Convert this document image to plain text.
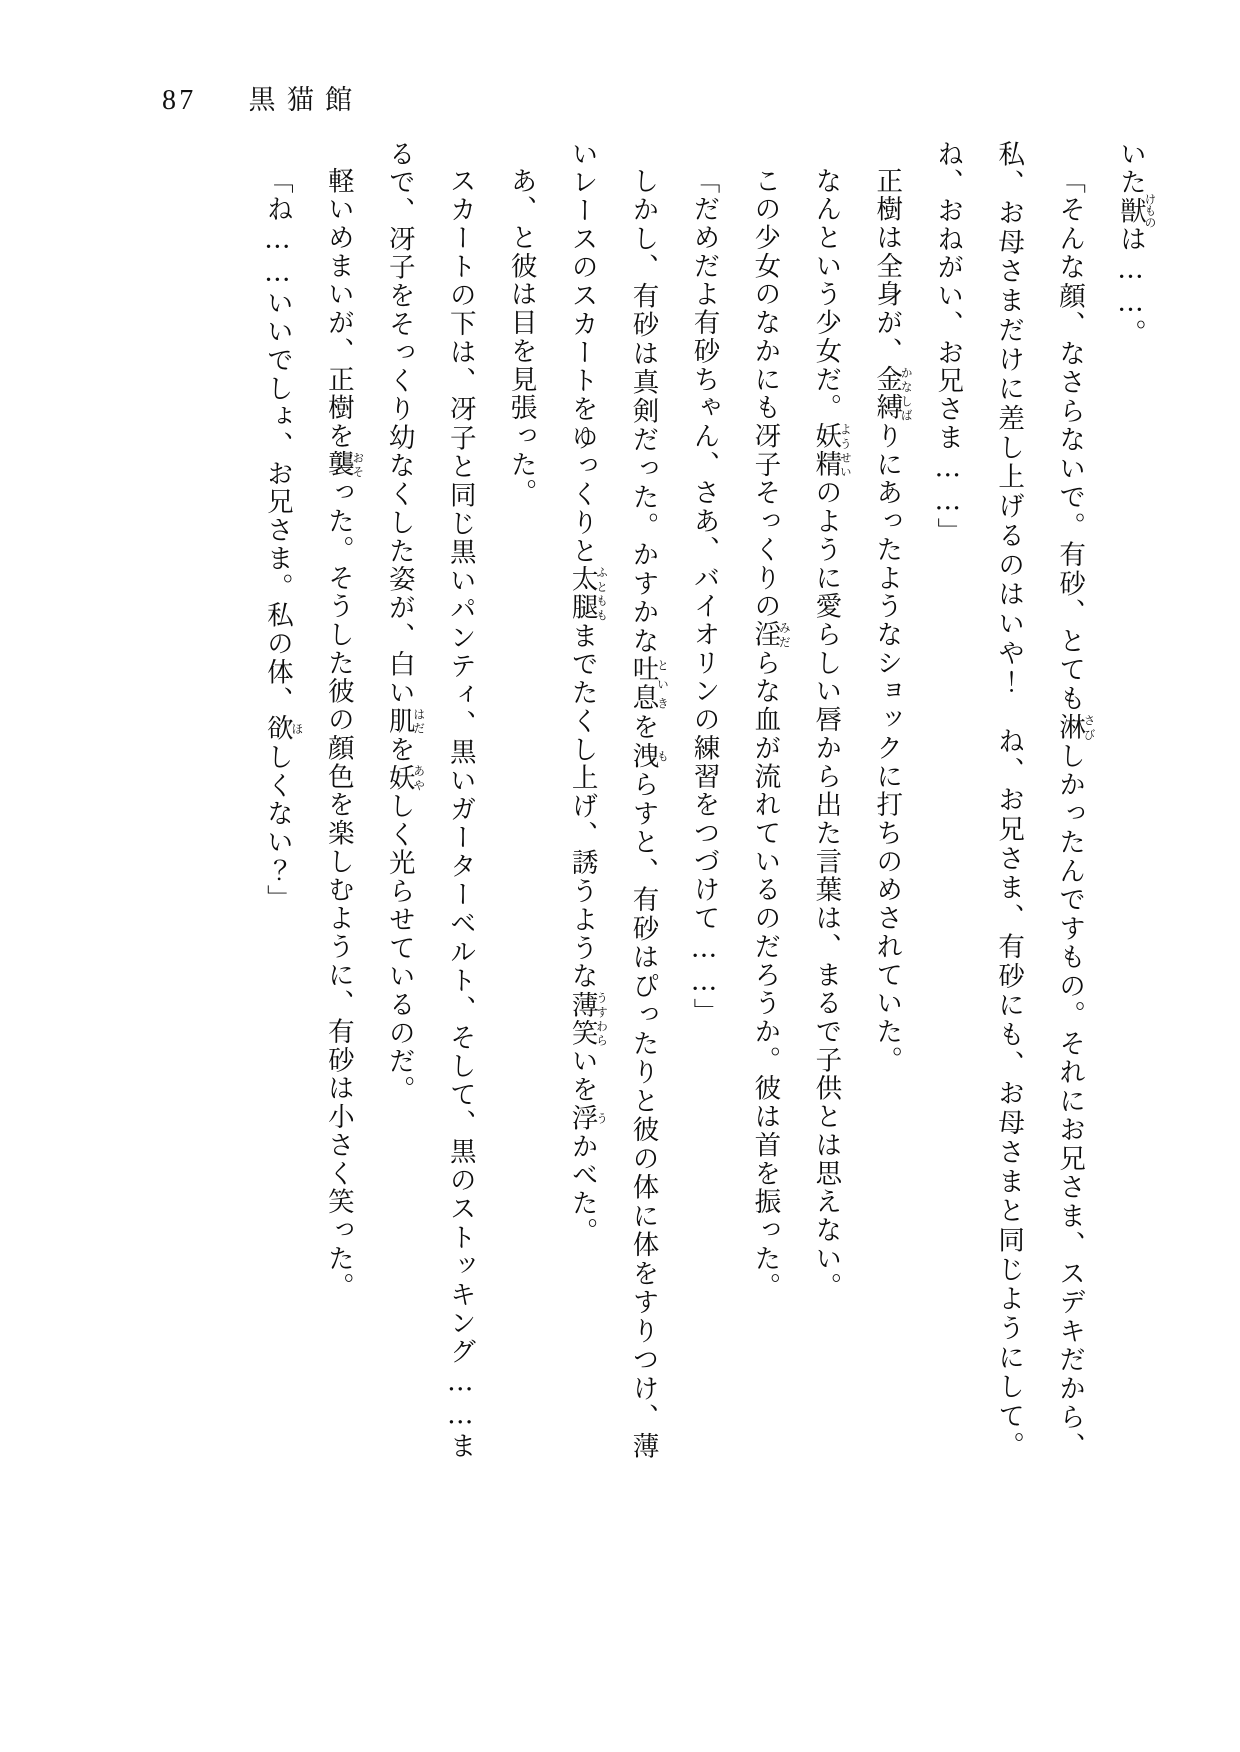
87 黒猫館

いた獣けものは……。

「そんな顔、なさらないで。有砂、とても淋さびしかったんですもの。それにお兄さま、スデキだから、私、お母さまだけに差し上げるのはいや！　ね、お兄さま、有砂にも、お母さまと同じようにして。ね、おねがい、お兄さま……」

正樹は全身が、金縛かなしばりにあったようなショックに打ちのめされていた。

なんという少女だ。妖精ようせいのように愛らしい唇から出た言葉は、まるで子供とは思えない。

この少女のなかにも冴子そっくりの淫みだらな血が流れているのだろうか。彼は首を振った。

「だめだよ有砂ちゃん、さあ、バイオリンの練習をつづけて……」

しかし、有砂は真剣だった。かすかな吐息といきを洩もらすと、有砂はぴったりと彼の体に体をすりつけ、薄いレースのスカートをゆっくりと太腿ふとももまでたくし上げ、誘うような薄笑うすわらいを浮うかべた。

あ、と彼は目を見張った。

スカートの下は、冴子と同じ黒いパンティ、黒いガーターベルト、そして、黒のストッキング……まるで、冴子をそっくり幼なくした姿が、白い肌はだを妖あやしく光らせているのだ。

軽いめまいが、正樹を襲おそった。そうした彼の顔色を楽しむように、有砂は小さく笑った。

「ね……いいでしょ、お兄さま。私の体、欲ほしくない？」
